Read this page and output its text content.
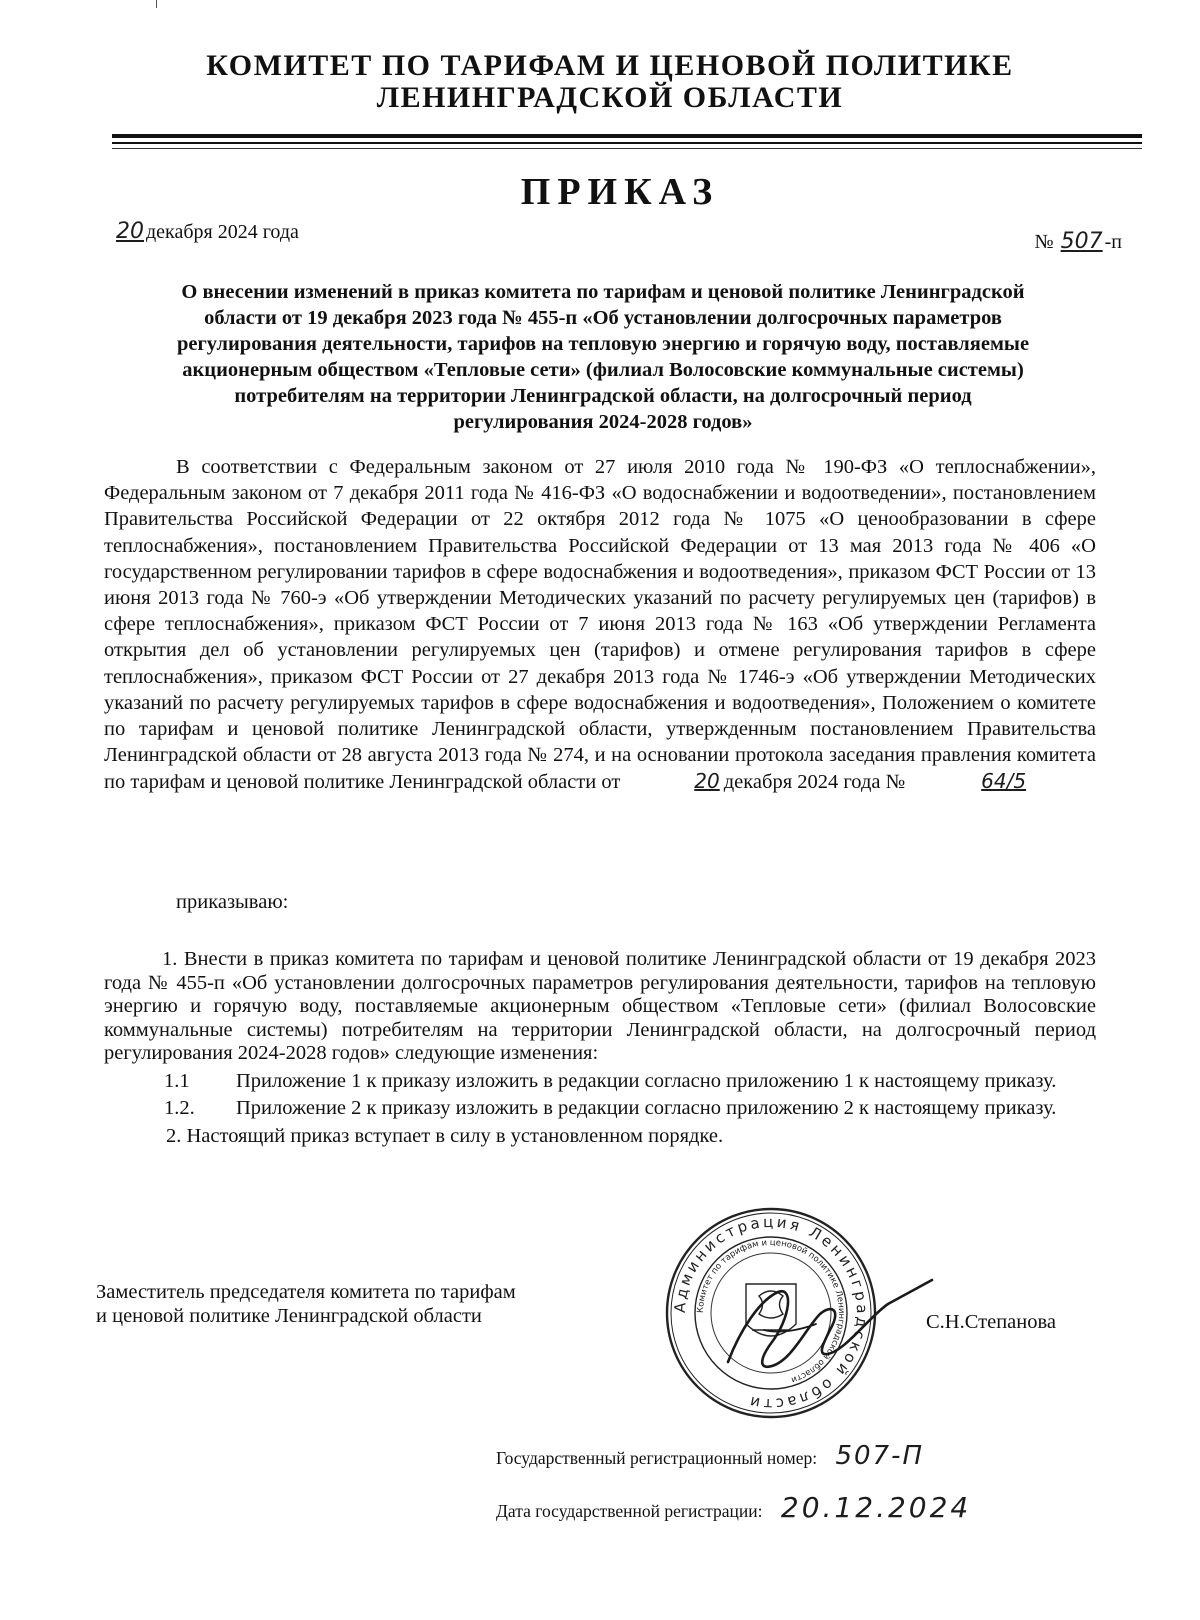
КОМИТЕТ ПО ТАРИФАМ И ЦЕНОВОЙ ПОЛИТИКЕ
ЛЕНИНГРАДСКОЙ ОБЛАСТИ
ПРИКАЗ
20 декабря 2024 года	№ 507 -п
О внесении изменений в приказ комитета по тарифам и ценовой политике Ленинградской
области от 19 декабря 2023 года № 455-п «Об установлении долгосрочных параметров
регулирования деятельности, тарифов на тепловую энергию и горячую воду, поставляемые
акционерным обществом «Тепловые сети» (филиал Волосовские коммунальные системы)
потребителям на территории Ленинградской области, на долгосрочный период
регулирования 2024-2028 годов»
В соответствии с Федеральным законом от 27 июля 2010 года № 190-ФЗ «О теплоснабжении», Федеральным законом от 7 декабря 2011 года № 416-ФЗ «О водоснабжении и водоотведении», постановлением Правительства Российской Федерации от 22 октября 2012 года № 1075 «О ценообразовании в сфере теплоснабжения», постановлением Правительства Российской Федерации от 13 мая 2013 года № 406 «О государственном регулировании тарифов в сфере водоснабжения и водоотведения», приказом ФСТ России от 13 июня 2013 года № 760-э «Об утверждении Методических указаний по расчету регулируемых цен (тарифов) в сфере теплоснабжения», приказом ФСТ России от 7 июня 2013 года № 163 «Об утверждении Регламента открытия дел об установлении регулируемых цен (тарифов) и отмене регулирования тарифов в сфере теплоснабжения», приказом ФСТ России от 27 декабря 2013 года № 1746-э «Об утверждении Методических указаний по расчету регулируемых тарифов в сфере водоснабжения и водоотведения», Положением о комитете по тарифам и ценовой политике Ленинградской области, утвержденным постановлением Правительства Ленинградской области от 28 августа 2013 года № 274, и на основании протокола заседания правления комитета по тарифам и ценовой политике Ленинградской области от	20 декабря 2024 года №	64/5
приказываю:

1. Внести в приказ комитета по тарифам и ценовой политике Ленинградской области от 19 декабря 2023 года № 455-п «Об установлении долгосрочных параметров регулирования деятельности, тарифов на тепловую энергию и горячую воду, поставляемые акционерным обществом «Тепловые сети» (филиал Волосовские коммунальные системы) потребителям на территории Ленинградской области, на долгосрочный период регулирования 2024-2028 годов» следующие изменения:

1.1 Приложение 1 к приказу изложить в редакции согласно приложению 1 к настоящему приказу.

1.2. Приложение 2 к приказу изложить в редакции согласно приложению 2 к настоящему приказу.

2. Настоящий приказ вступает в силу в установленном порядке.

Заместитель председателя комитета по тарифам
и ценовой политике Ленинградской области	С.Н.Степанова
Администрация Ленинградской области
Комитет по тарифам и ценовой политике Ленинградской области
Государственный регистрационный номер: 507-П
Дата государственной регистрации: 20.12.2024
